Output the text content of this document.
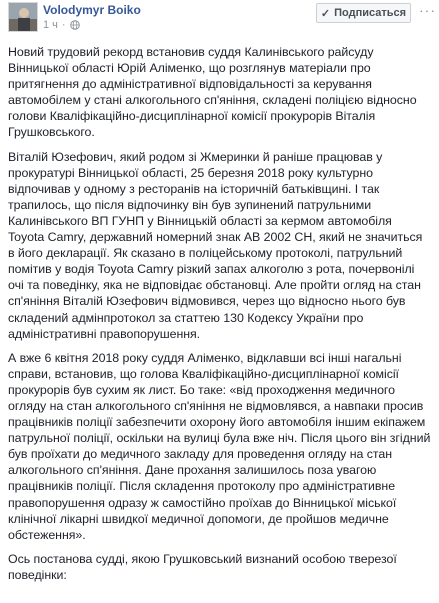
Volodymyr Boiko
1 ч ·
✓ Подписаться ···

Новий трудовий рекорд встановив суддя Калинівського райсуду Вінницької області Юрій Аліменко, що розглянув матеріали про притягнення до адміністративної відповідальності за керування автомобілем у стані алкогольного сп'яніння, складені поліцією відносно голови Кваліфікаційно-дисциплінарної комісії прокурорів Віталія Грушковського.

Віталій Юзефович, який родом зі Жмеринки й раніше працював у прокуратурі Вінницької області, 25 березня 2018 року культурно відпочивав у одному з ресторанів на історичній батьківщині. І так трапилось, що після відпочинку він був зупинений патрульними Калинівського ВП ГУНП у Вінницькій області за кермом автомобіля Toyota Camry, державний номерний знак АВ 2002 СН, який не значиться в його декларації. Як сказано в поліцейському протоколі, патрульний помітив у водія Toyota Camry різкий запах алкоголю з рота, почервонілі очі та поведінку, яка не відповідає обстановці. Але пройти огляд на стан сп'яніння Віталій Юзефович відмовився, через що відносно нього був складений адмінпротокол за статтею 130 Кодексу України про адміністративні правопорушення.

А вже 6 квітня 2018 року суддя Аліменко, відклавши всі інші нагальні справи, встановив, що голова Кваліфікаційно-дисциплінарної комісії прокурорів був сухим як лист. Бо таке: «від проходження медичного огляду на стан алкогольного сп'яніння не відмовлявся, а навпаки просив працівників поліції забезпечити охорону його автомобіля іншим екіпажем патрульної поліції, оскільки на вулиці була вже ніч. Після цього він згідний був проїхати до медичного закладу для проведення огляду на стан алкогольного сп'яніння. Дане прохання залишилось поза увагою працівників поліції. Після складення протоколу про адміністративне правопорушення одразу ж самостійно проїхав до Вінницької міської клінічної лікарні швидкої медичної допомоги, де пройшов медичне обстеження».

Ось постанова судді, якою Грушковський визнаний особою тверезої поведінки:
